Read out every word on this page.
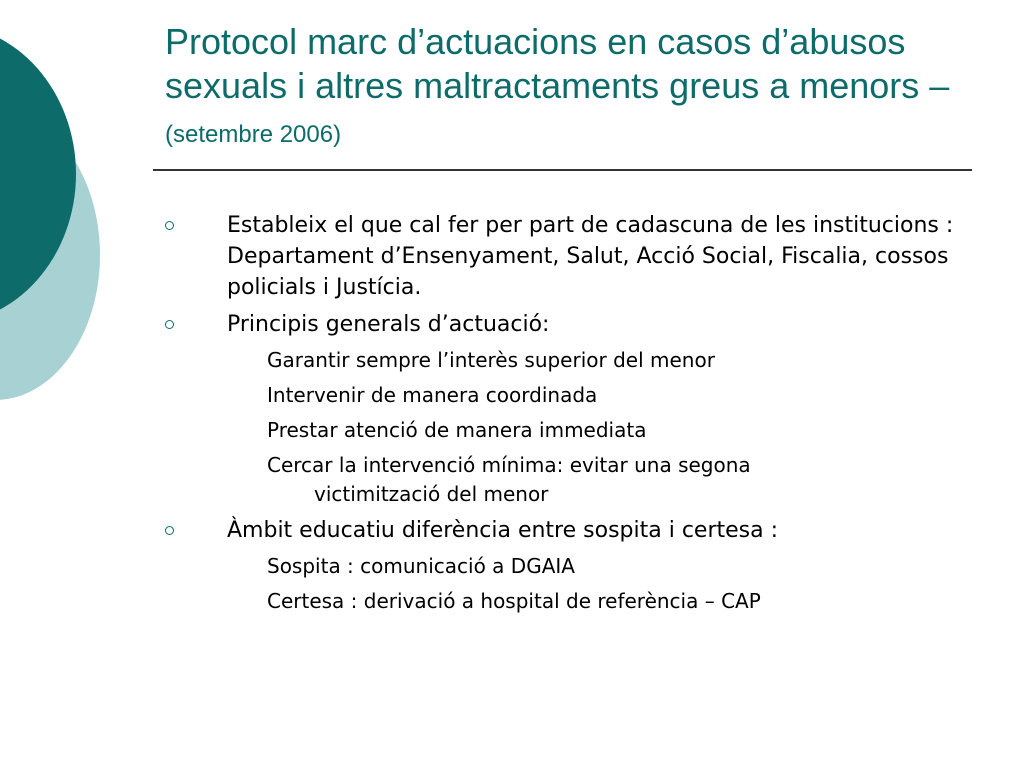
Protocol marc d’actuacions en casos d’abusos sexuals i altres maltractaments greus a menors – (setembre 2006)
Estableix el que cal fer per part de cadascuna de les institucions : Departament d’Ensenyament, Salut, Acció Social, Fiscalia, cossos policials i Justícia.
Principis generals d’actuació:
Garantir sempre l’interès superior del menor
Intervenir de manera coordinada
Prestar atenció de manera immediata
Cercar la intervenció mínima: evitar una segona
victimització del menor
Àmbit educatiu diferència entre sospita i certesa :
Sospita : comunicació a DGAIA
Certesa : derivació a hospital de referència – CAP
